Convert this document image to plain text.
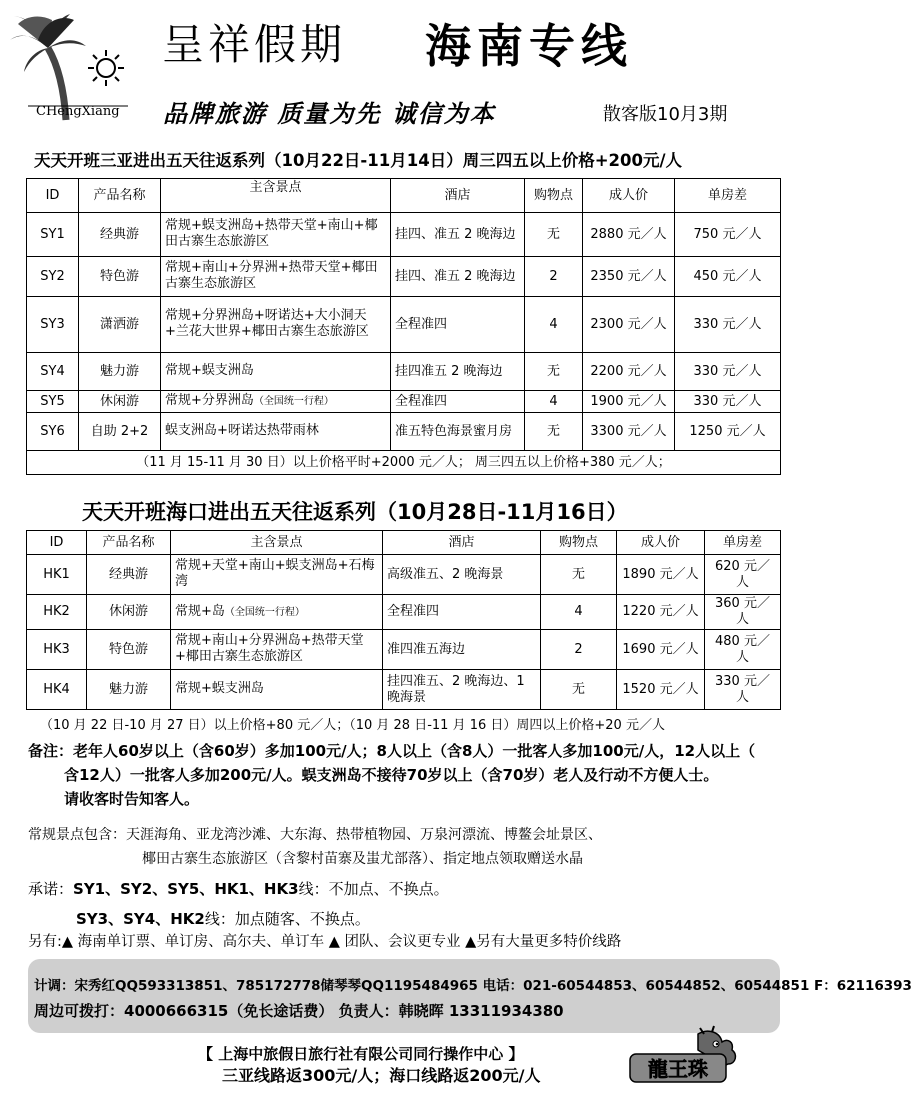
CHengXiang
呈祥假期 海南专线
品牌旅游 质量为先 诚信为本	散客版10月3期
天天开班三亚进出五天往返系列（10月22日-11月14日）周三四五以上价格+200元/人
ID	产品名称	主含景点	酒店	购物点	成人价	单房差
SY1	经典游	常规+蜈支洲岛+热带天堂+南山+椰田古寨生态旅游区	挂四、准五 2 晚海边	无	2880 元／人	750 元／人
SY2	特色游	常规+南山+分界洲+热带天堂+椰田古寨生态旅游区	挂四、准五 2 晚海边	2	2350 元／人	450 元／人
SY3	潇洒游	常规+分界洲岛+呀诺达+大小洞天+兰花大世界+椰田古寨生态旅游区	全程准四	4	2300 元／人	330 元／人
SY4	魅力游	常规+蜈支洲岛	挂四准五 2 晚海边	无	2200 元／人	330 元／人
SY5	休闲游	常规+分界洲岛（全国统一行程）	全程准四	4	1900 元／人	330 元／人
SY6	自助 2+2	蜈支洲岛+呀诺达热带雨林	准五特色海景蜜月房	无	3300 元／人	1250 元／人
（11 月 15-11 月 30 日）以上价格平时+2000 元／人； 周三四五以上价格+380 元／人；						
天天开班海口进出五天往返系列（10月28日-11月16日）
ID	产品名称	主含景点	酒店	购物点	成人价	单房差
HK1	经典游	常规+天堂+南山+蜈支洲岛+石梅湾	高级准五、2 晚海景	无	1890 元／人	620 元／人
HK2	休闲游	常规+岛（全国统一行程）	全程准四	4	1220 元／人	360 元／人
HK3	特色游	常规+南山+分界洲岛+热带天堂+椰田古寨生态旅游区	准四准五海边	2	1690 元／人	480 元／人
HK4	魅力游	常规+蜈支洲岛	挂四准五、2 晚海边、1 晚海景	无	1520 元／人	330 元／人
（10 月 22 日-10 月 27 日）以上价格+80 元／人；（10 月 28 日-11 月 16 日）周四以上价格+20 元／人
备注：老年人60岁以上（含60岁）多加100元/人；8人以上（含8人）一批客人多加100元/人，12人以上（
含12人）一批客人多加200元/人。蜈支洲岛不接待70岁以上（含70岁）老人及行动不方便人士。
请收客时告知客人。
常规景点包含：天涯海角、亚龙湾沙滩、大东海、热带植物园、万泉河漂流、博鳌会址景区、
椰田古寨生态旅游区（含黎村苗寨及蚩尤部落）、指定地点领取赠送水晶
承诺：SY1、SY2、SY5、HK1、HK3线：不加点、不换点。
SY3、SY4、HK2线：加点随客、不换点。
另有:▲ 海南单订票、单订房、高尔夫、单订车 ▲ 团队、会议更专业 ▲另有大量更多特价线路
计调：宋秀红QQ593313851、785172778储琴琴QQ1195484965 电话：021-60544853、60544852、60544851 F：62116393
周边可拨打：4000666315（免长途话费） 负责人：韩晓晖 13311934380
【 上海中旅假日旅行社有限公司同行操作中心 】
三亚线路返300元/人；海口线路返200元/人	龍王珠
